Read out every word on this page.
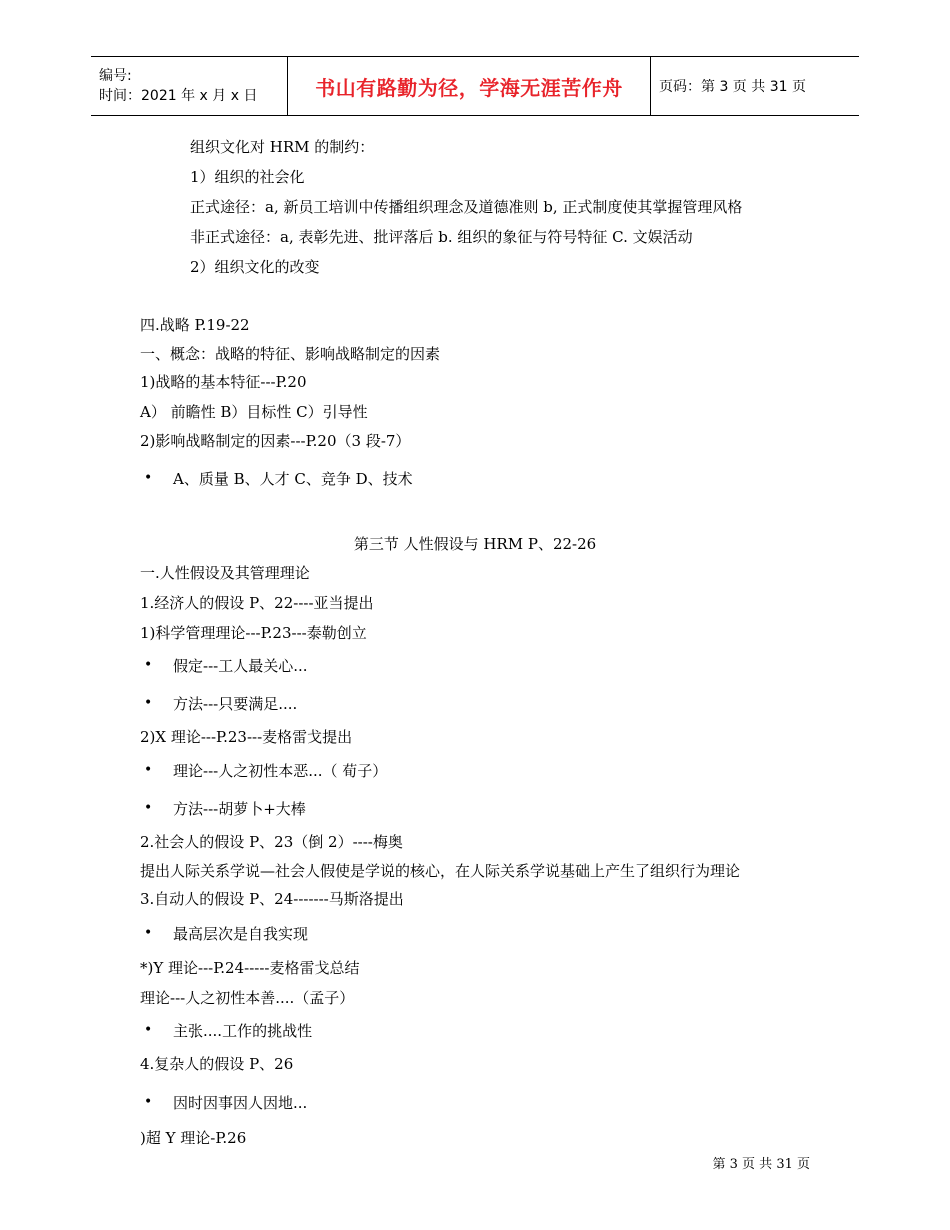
编号:
时间：2021 年 x 月 x 日	书山有路勤为径，学海无涯苦作舟	页码：第 3 页 共 31 页
组织文化对 HRM 的制约：
1）组织的社会化
正式途径：a, 新员工培训中传播组织理念及道德准则 b, 正式制度使其掌握管理风格
非正式途径：a, 表彰先进、批评落后 b. 组织的象征与符号特征 C. 文娱活动
2）组织文化的改变
四.战略 P.19-22
一、概念：战略的特征、影响战略制定的因素
1)战略的基本特征---P.20
A） 前瞻性 B）目标性 C）引导性
2)影响战略制定的因素---P.20（3 段-7）
• A、质量 B、人才 C、竞争 D、技术
第三节 人性假设与 HRM P、22-26
一.人性假设及其管理理论
1.经济人的假设 P、22----亚当提出
1)科学管理理论---P.23---泰勒创立
• 假定---工人最关心...
• 方法---只要满足....
2)X 理论---P.23---麦格雷戈提出
• 理论---人之初性本恶...（ 荀子）
• 方法---胡萝卜+大棒
2.社会人的假设 P、23（倒 2）----梅奥
提出人际关系学说—社会人假使是学说的核心，在人际关系学说基础上产生了组织行为理论
3.自动人的假设 P、24-------马斯洛提出
• 最高层次是自我实现
*)Y 理论---P.24-----麦格雷戈总结
理论---人之初性本善....（孟子）
• 主张....工作的挑战性
4.复杂人的假设 P、26
• 因时因事因人因地...
)超 Y 理论-P.26
第 3 页 共 31 页
